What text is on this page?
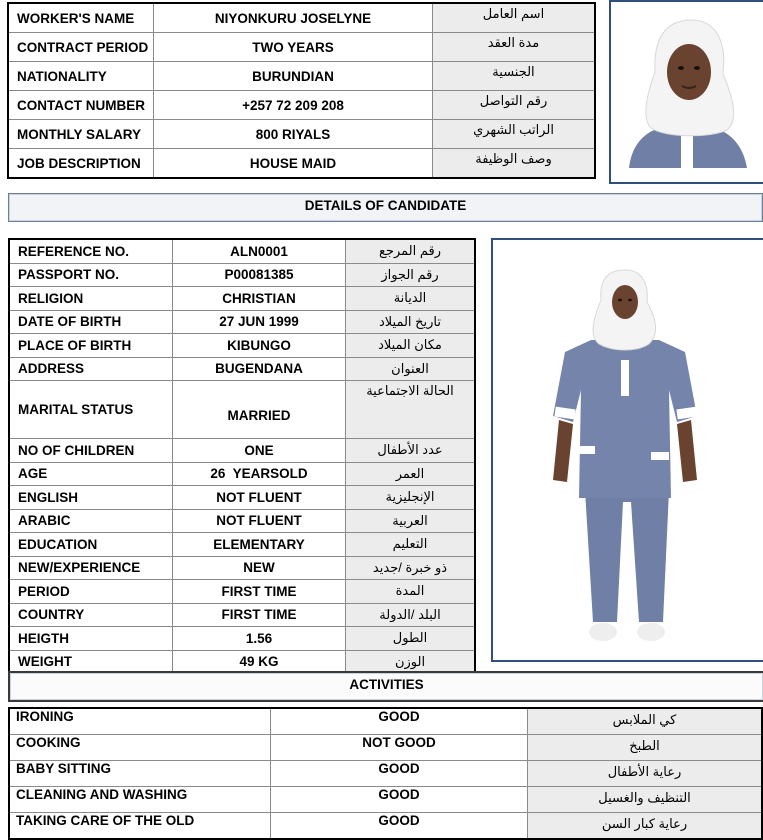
WORKER'S NAME	NIYONKURU JOSELYNE	اسم العامل
CONTRACT PERIOD	TWO YEARS	مدة العقد
NATIONALITY	BURUNDIAN	الجنسية
CONTACT NUMBER	+257 72 209 208	رقم التواصل
MONTHLY SALARY	800 RIYALS	الراتب الشهري
JOB DESCRIPTION	HOUSE MAID	وصف الوظيفة
DETAILS OF CANDIDATE
REFERENCE NO.	ALN0001	رقم المرجع
PASSPORT NO.	P00081385	رقم الجواز
RELIGION	CHRISTIAN	الديانة
DATE OF BIRTH	27 JUN 1999	تاريخ الميلاد
PLACE OF BIRTH	KIBUNGO	مكان الميلاد
ADDRESS	BUGENDANA	العنوان
MARITAL STATUS	MARRIED	الحالة الاجتماعية
NO OF CHILDREN	ONE	عدد الأطفال
AGE	26  YEARSOLD	العمر
ENGLISH	NOT FLUENT	الإنجليزية
ARABIC	NOT FLUENT	العربية
EDUCATION	ELEMENTARY	التعليم
NEW/EXPERIENCE	NEW	ذو خبرة /جديد
PERIOD	FIRST TIME	المدة
COUNTRY	FIRST TIME	البلد /الدولة
HEIGTH	1.56	الطول
WEIGHT	49 KG	الوزن
ACTIVITIES
IRONING	GOOD	كي الملابس
COOKING	NOT GOOD	الطبخ
BABY SITTING	GOOD	رعاية الأطفال
CLEANING AND WASHING	GOOD	التنظيف والغسيل
TAKING CARE OF THE OLD	GOOD	رعاية كبار السن
